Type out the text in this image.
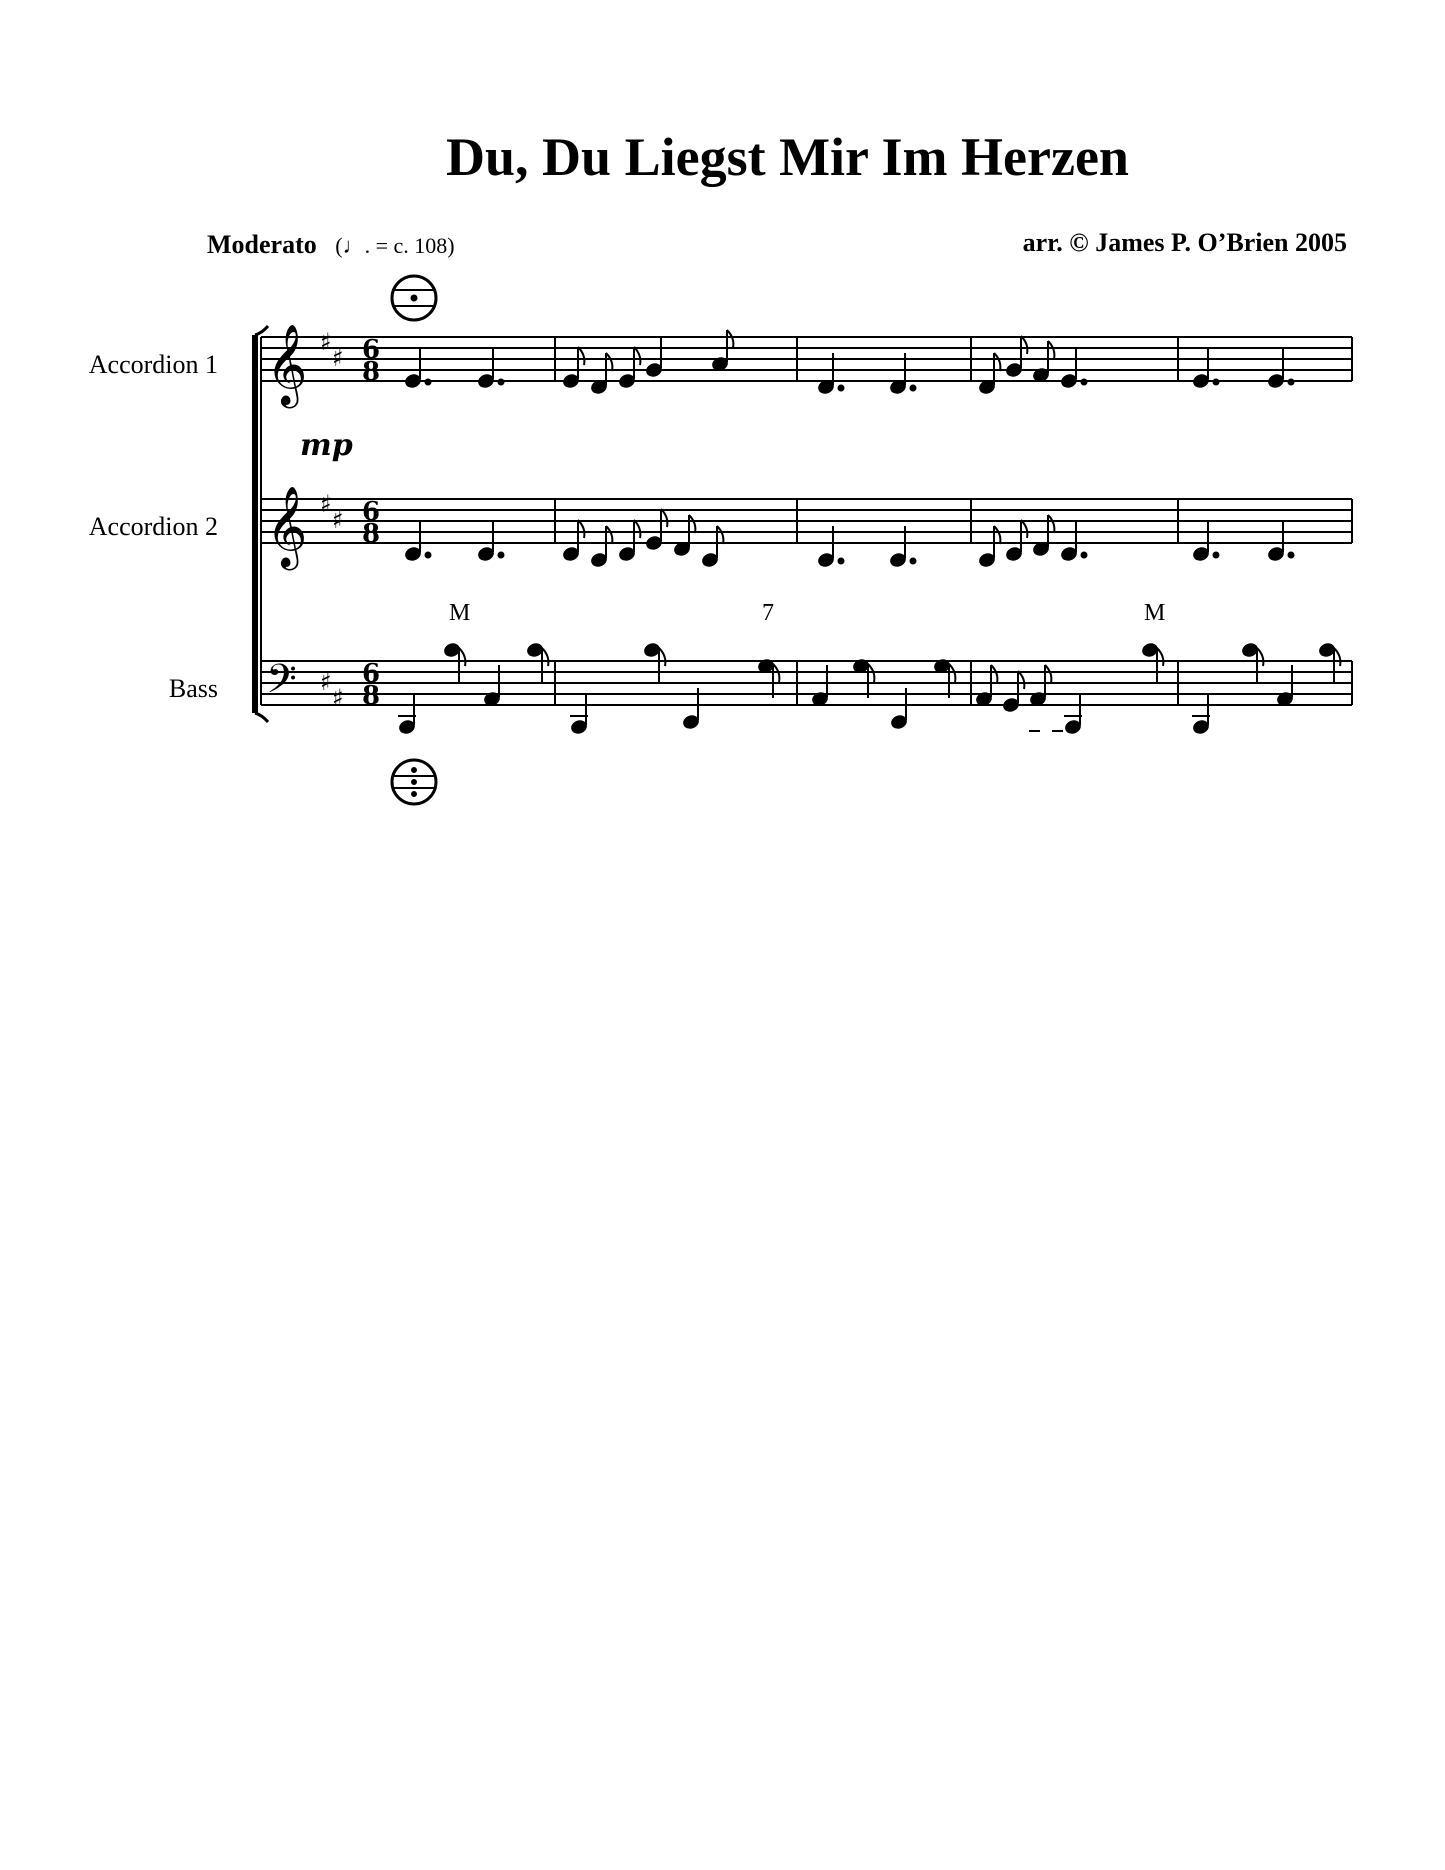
Du, Du Liegst Mir Im Herzen
Moderato (♩. = c. 108)	arr. © James P. O’Brien 2005
Accordion 1
Accordion 2
Bass
mp
M	7	M
𝄞
𝄞
𝄢
♯
♯
♯
♯
♯
♯
6
8
6
8
6
8
